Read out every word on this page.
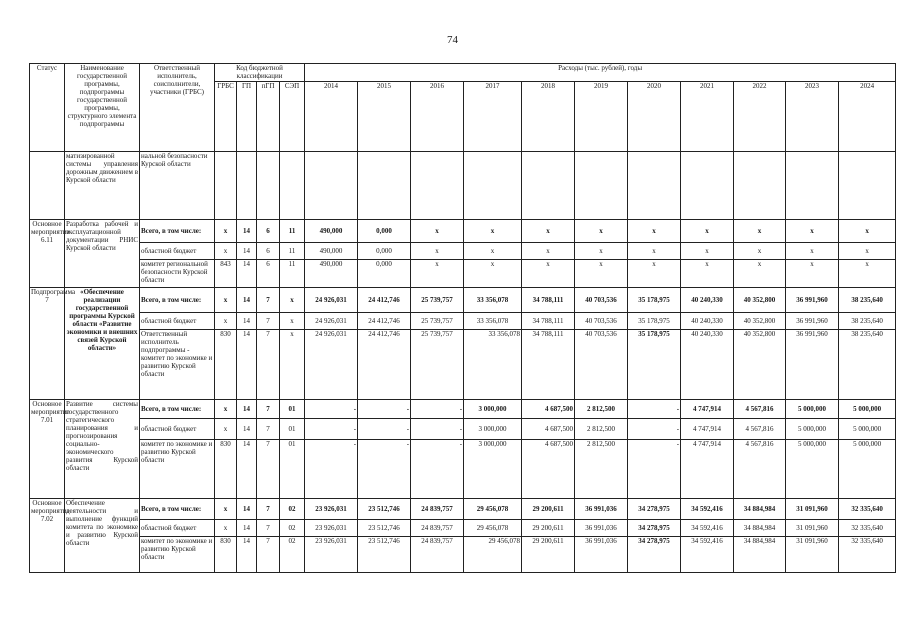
74
Статус	Наименование государственной программы, подпрограммы государственной программы, структурного элемента подпрограммы	Ответственный исполнитель, соисполнители, участники (ГРБС)	Код бюджетной классификации				Расходы (тыс. рублей), годы										
			ГРБС	ГП	пГП	СЭП	2014	2015	2016	2017	2018	2019	2020	2021	2022	2023	2024
	матизированной системы управления дорожным движением в Курской области	нальной безопасности Курской области															
Основное мероприятие 6.11	Разработка рабочей и эксплуатационной документации РНИС Курской области	Всего, в том числе:	х	14	6	11	490,000	0,000	х	х	х	х	х	х	х	х	х
		областной бюджет	х	14	6	11	490,000	0,000	х	х	х	х	х	х	х	х	х
		комитет региональной безопасности Курской области	843	14	6	11	490,000	0,000	х	х	х	х	х	х	х	х	х
Подпрограмма 7	«Обеспечение реализации государственной программы Курской области «Развитие экономики и внешних связей Курской области»	Всего, в том числе:	х	14	7	х	24 926,031	24 412,746	25 739,757	33 356,078	34 788,111	40 703,536	35 178,975	40 240,330	40 352,800	36 991,960	38 235,640
		областной бюджет	х	14	7	х	24 926,031	24 412,746	25 739,757	33 356,078	34 788,111	40 703,536	35 178,975	40 240,330	40 352,800	36 991,960	38 235,640
		Ответственный исполнитель подпрограммы - комитет по экономике и развитию Курской области	830	14	7	х	24 926,031	24 412,746	25 739,757	33 356,078	34 788,111	40 703,536	35 178,975	40 240,330	40 352,800	36 991,960	38 235,640
Основное мероприятие 7.01	Развитие системы государственного стратегического планирования и прогнозирования социально-экономического развития Курской области	Всего, в том числе:	х	14	7	01	-	-	-	3 000,000	4 687,500	2 812,500	-	4 747,914	4 567,816	5 000,000	5 000,000
		областной бюджет	х	14	7	01	-	-	-	3 000,000	4 687,500	2 812,500	-	4 747,914	4 567,816	5 000,000	5 000,000
		комитет по экономике и развитию Курской области	830	14	7	01	-	-	-	3 000,000	4 687,500	2 812,500	-	4 747,914	4 567,816	5 000,000	5 000,000
Основное мероприятие 7.02	Обеспечение деятельности и выполнение функций комитета по экономике и развитию Курской области	Всего, в том числе:	х	14	7	02	23 926,031	23 512,746	24 839,757	29 456,078	29 200,611	36 991,036	34 278,975	34 592,416	34 884,984	31 091,960	32 335,640
		областной бюджет	х	14	7	02	23 926,031	23 512,746	24 839,757	29 456,078	29 200,611	36 991,036	34 278,975	34 592,416	34 884,984	31 091,960	32 335,640
		комитет по экономике и развитию Курской области	830	14	7	02	23 926,031	23 512,746	24 839,757	29 456,078	29 200,611	36 991,036	34 278,975	34 592,416	34 884,984	31 091,960	32 335,640
